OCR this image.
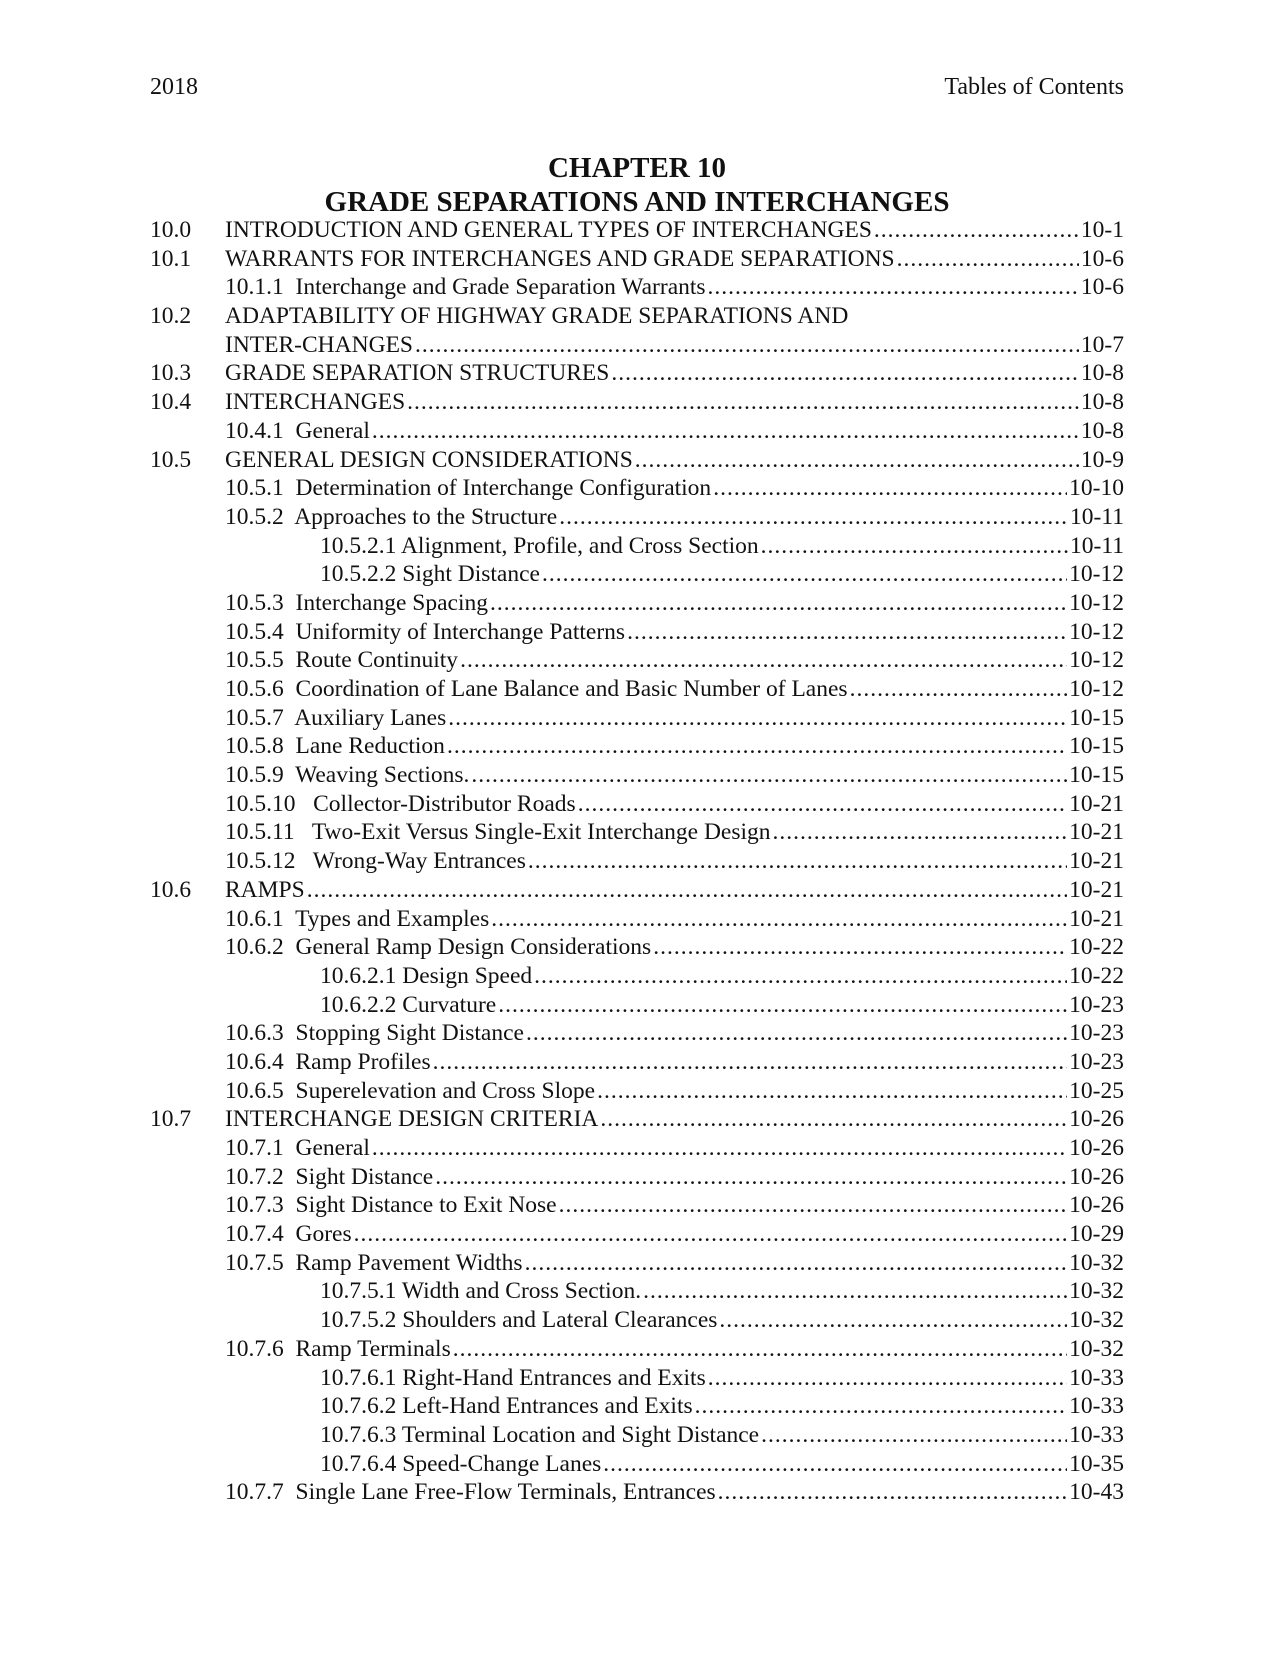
2018	Tables of Contents
CHAPTER 10
GRADE SEPARATIONS AND INTERCHANGES
10.0 INTRODUCTION AND GENERAL TYPES OF INTERCHANGES .....	10-1
10.1 WARRANTS FOR INTERCHANGES AND GRADE SEPARATIONS .....	10-6
10.1.1  Interchange and Grade Separation Warrants .....	10-6
10.2 ADAPTABILITY OF HIGHWAY GRADE SEPARATIONS AND
INTER-CHANGES .....	10-7
10.3 GRADE SEPARATION STRUCTURES .....	10-8
10.4 INTERCHANGES .....	10-8
10.4.1  General .....	10-8
10.5 GENERAL DESIGN CONSIDERATIONS .....	10-9
10.5.1  Determination of Interchange Configuration .....	10-10
10.5.2  Approaches to the Structure .....	10-11
10.5.2.1 Alignment, Profile, and Cross Section .....	10-11
10.5.2.2 Sight Distance .....	10-12
10.5.3  Interchange Spacing .....	10-12
10.5.4  Uniformity of Interchange Patterns .....	10-12
10.5.5  Route Continuity .....	10-12
10.5.6  Coordination of Lane Balance and Basic Number of Lanes .....	10-12
10.5.7  Auxiliary Lanes .....	10-15
10.5.8  Lane Reduction .....	10-15
10.5.9  Weaving Sections. .....	10-15
10.5.10   Collector-Distributor Roads .....	10-21
10.5.11   Two-Exit Versus Single-Exit Interchange Design .....	10-21
10.5.12   Wrong-Way Entrances .....	10-21
10.6 RAMPS .....	10-21
10.6.1  Types and Examples .....	10-21
10.6.2  General Ramp Design Considerations .....	10-22
10.6.2.1 Design Speed .....	10-22
10.6.2.2 Curvature .....	10-23
10.6.3  Stopping Sight Distance .....	10-23
10.6.4  Ramp Profiles .....	10-23
10.6.5  Superelevation and Cross Slope .....	10-25
10.7 INTERCHANGE DESIGN CRITERIA .....	10-26
10.7.1  General .....	10-26
10.7.2  Sight Distance .....	10-26
10.7.3  Sight Distance to Exit Nose .....	10-26
10.7.4  Gores .....	10-29
10.7.5  Ramp Pavement Widths .....	10-32
10.7.5.1 Width and Cross Section. .....	10-32
10.7.5.2 Shoulders and Lateral Clearances .....	10-32
10.7.6  Ramp Terminals .....	10-32
10.7.6.1 Right-Hand Entrances and Exits .....	10-33
10.7.6.2 Left-Hand Entrances and Exits .....	10-33
10.7.6.3 Terminal Location and Sight Distance .....	10-33
10.7.6.4 Speed-Change Lanes .....	10-35
10.7.7  Single Lane Free-Flow Terminals, Entrances .....	10-43
